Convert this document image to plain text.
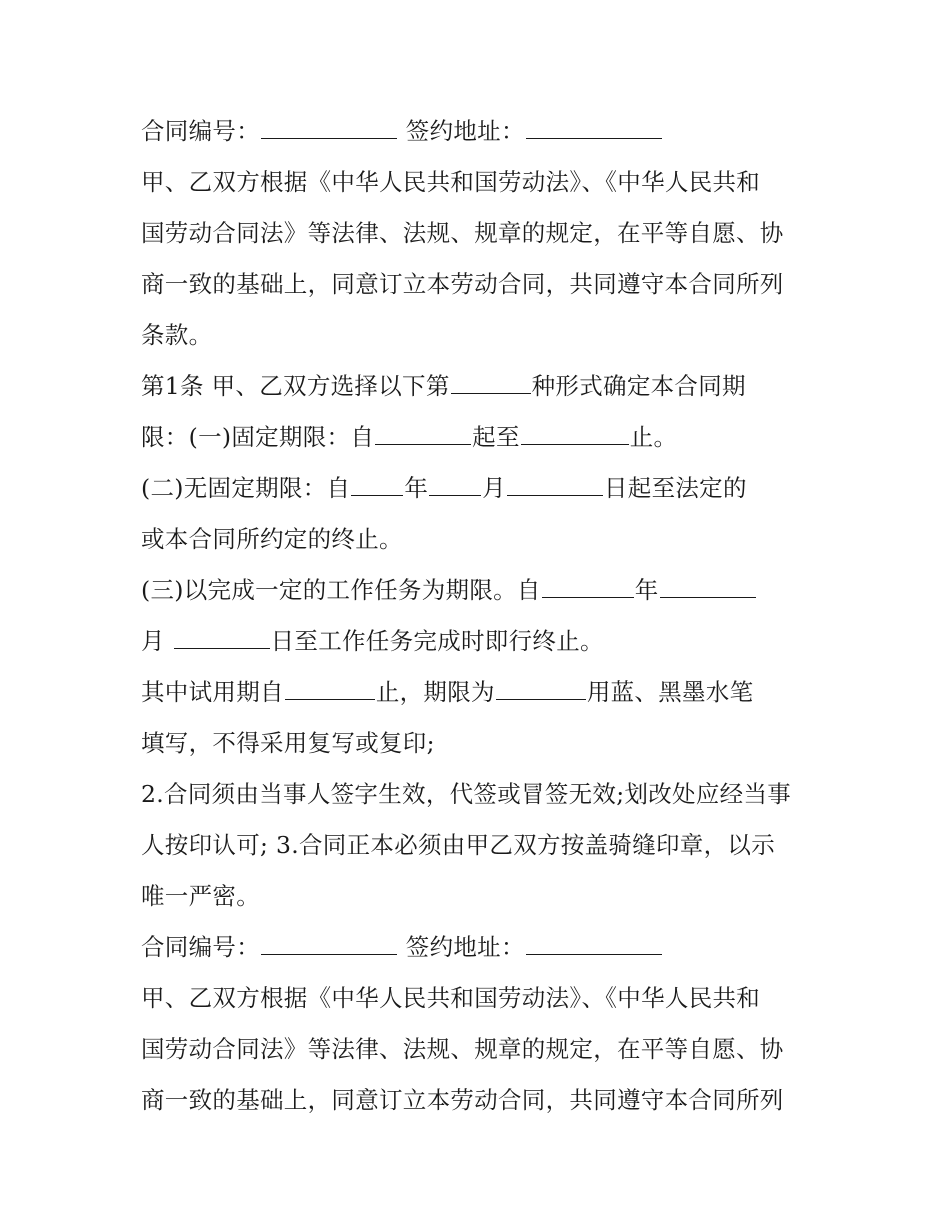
合同编号：	签约地址：
甲、乙双方根据《中华人民共和国劳动法》、《中华人民共和
国劳动合同法》等法律、法规、规章的规定，在平等自愿、协
商一致的基础上，同意订立本劳动合同，共同遵守本合同所列
条款。
第1条 甲、乙双方选择以下第	种形式确定本合同期
限：(一)固定期限：自	起至	止。
(二)无固定期限：自 年 月	日起至法定的
或本合同所约定的终止。
(三)以完成一定的工作任务为期限。自	年
月	日至工作任务完成时即行终止。
其中试用期自	止，期限为	用蓝、黑墨水笔
填写，不得采用复写或复印;
2.合同须由当事人签字生效，代签或冒签无效;划改处应经当事
人按印认可; 3.合同正本必须由甲乙双方按盖骑缝印章，以示
唯一严密。
合同编号：	签约地址：
甲、乙双方根据《中华人民共和国劳动法》、《中华人民共和
国劳动合同法》等法律、法规、规章的规定，在平等自愿、协
商一致的基础上，同意订立本劳动合同，共同遵守本合同所列
